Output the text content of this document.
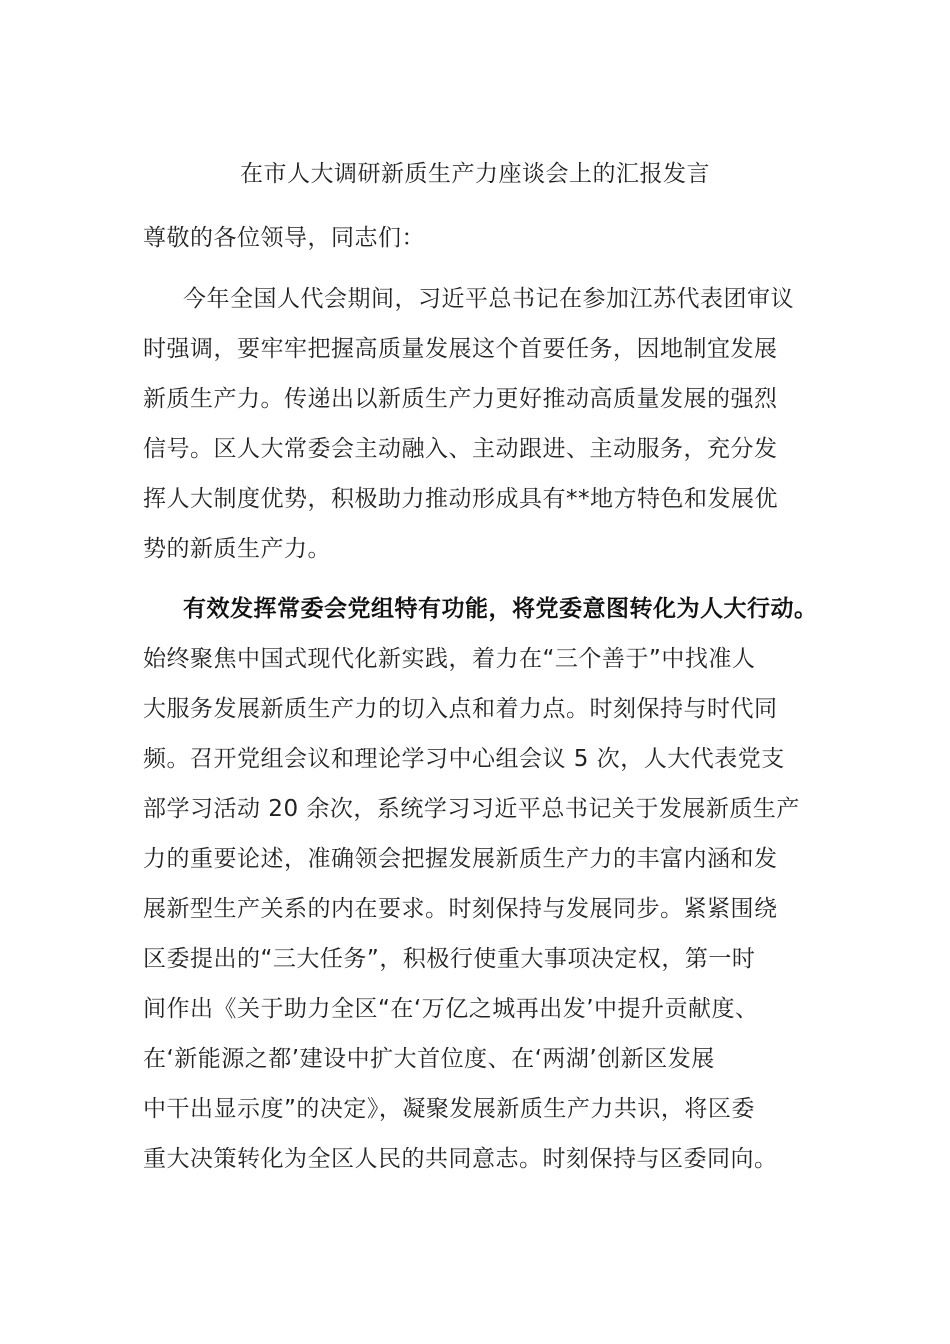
在市人大调研新质生产力座谈会上的汇报发言
尊敬的各位领导，同志们：
今年全国人代会期间，习近平总书记在参加江苏代表团审议
时强调，要牢牢把握高质量发展这个首要任务，因地制宜发展
新质生产力。传递出以新质生产力更好推动高质量发展的强烈
信号。区人大常委会主动融入、主动跟进、主动服务，充分发
挥人大制度优势，积极助力推动形成具有**地方特色和发展优
势的新质生产力。
有效发挥常委会党组特有功能，将党委意图转化为人大行动。
始终聚焦中国式现代化新实践，着力在“三个善于”中找准人
大服务发展新质生产力的切入点和着力点。时刻保持与时代同
频。召开党组会议和理论学习中心组会议 5 次，人大代表党支
部学习活动 20 余次，系统学习习近平总书记关于发展新质生产
力的重要论述，准确领会把握发展新质生产力的丰富内涵和发
展新型生产关系的内在要求。时刻保持与发展同步。紧紧围绕
区委提出的“三大任务”，积极行使重大事项决定权，第一时
间作出《关于助力全区“在‘万亿之城再出发’中提升贡献度、
在‘新能源之都’建设中扩大首位度、在‘两湖’创新区发展
中干出显示度”的决定》，凝聚发展新质生产力共识，将区委
重大决策转化为全区人民的共同意志。时刻保持与区委同向。
